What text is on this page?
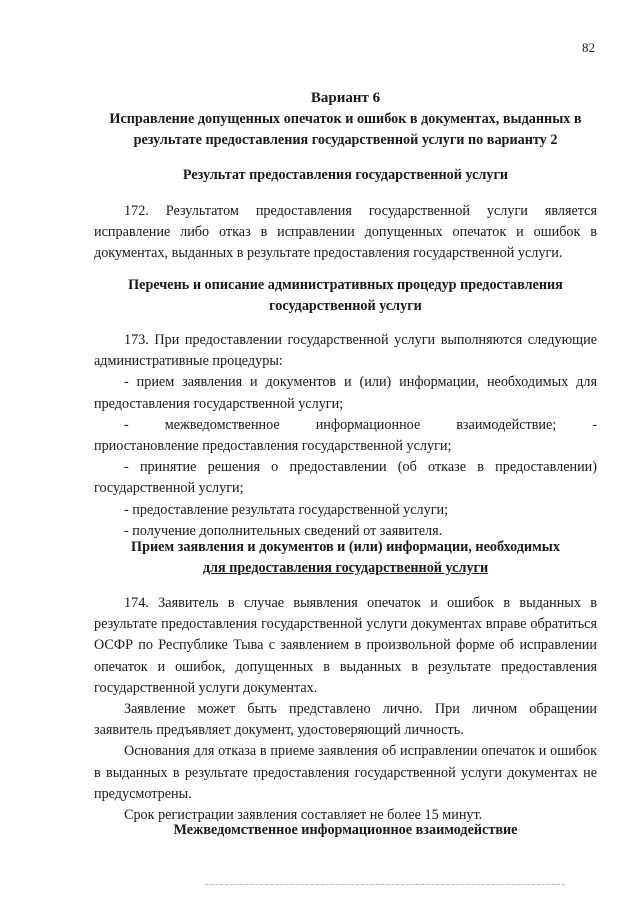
82
Вариант 6
Исправление допущенных опечаток и ошибок в документах, выданных в результате предоставления государственной услуги по варианту 2
Результат предоставления государственной услуги

172. Результатом предоставления государственной услуги является исправление либо отказ в исправлении допущенных опечаток и ошибок в документах, выданных в результате предоставления государственной услуги.

Перечень и описание административных процедур предоставления государственной услуги

173. При предоставлении государственной услуги выполняются следующие административные процедуры:

- прием заявления и документов и (или) информации, необходимых для предоставления государственной услуги;

-	межведомственное	информационное	взаимодействие;	-

приостановление предоставления государственной услуги;

- принятие решения о предоставлении (об отказе в предоставлении) государственной услуги;

- предоставление результата государственной услуги;

- получение дополнительных сведений от заявителя.

Прием заявления и документов и (или) информации, необходимых
для предоставления государственной услуги

174. Заявитель в случае выявления опечаток и ошибок в выданных в результате предоставления государственной услуги документах вправе обратиться ОСФР по Республике Тыва с заявлением в произвольной форме об исправлении опечаток и ошибок, допущенных в выданных в результате предоставления государственной услуги документах.

Заявление может быть представлено лично. При личном обращении заявитель предъявляет документ, удостоверяющий личность.

Основания для отказа в приеме заявления об исправлении опечаток и ошибок в выданных в результате предоставления государственной услуги документах не предусмотрены.

Срок регистрации заявления составляет не более 15 минут.

Межведомственное информационное взаимодействие
